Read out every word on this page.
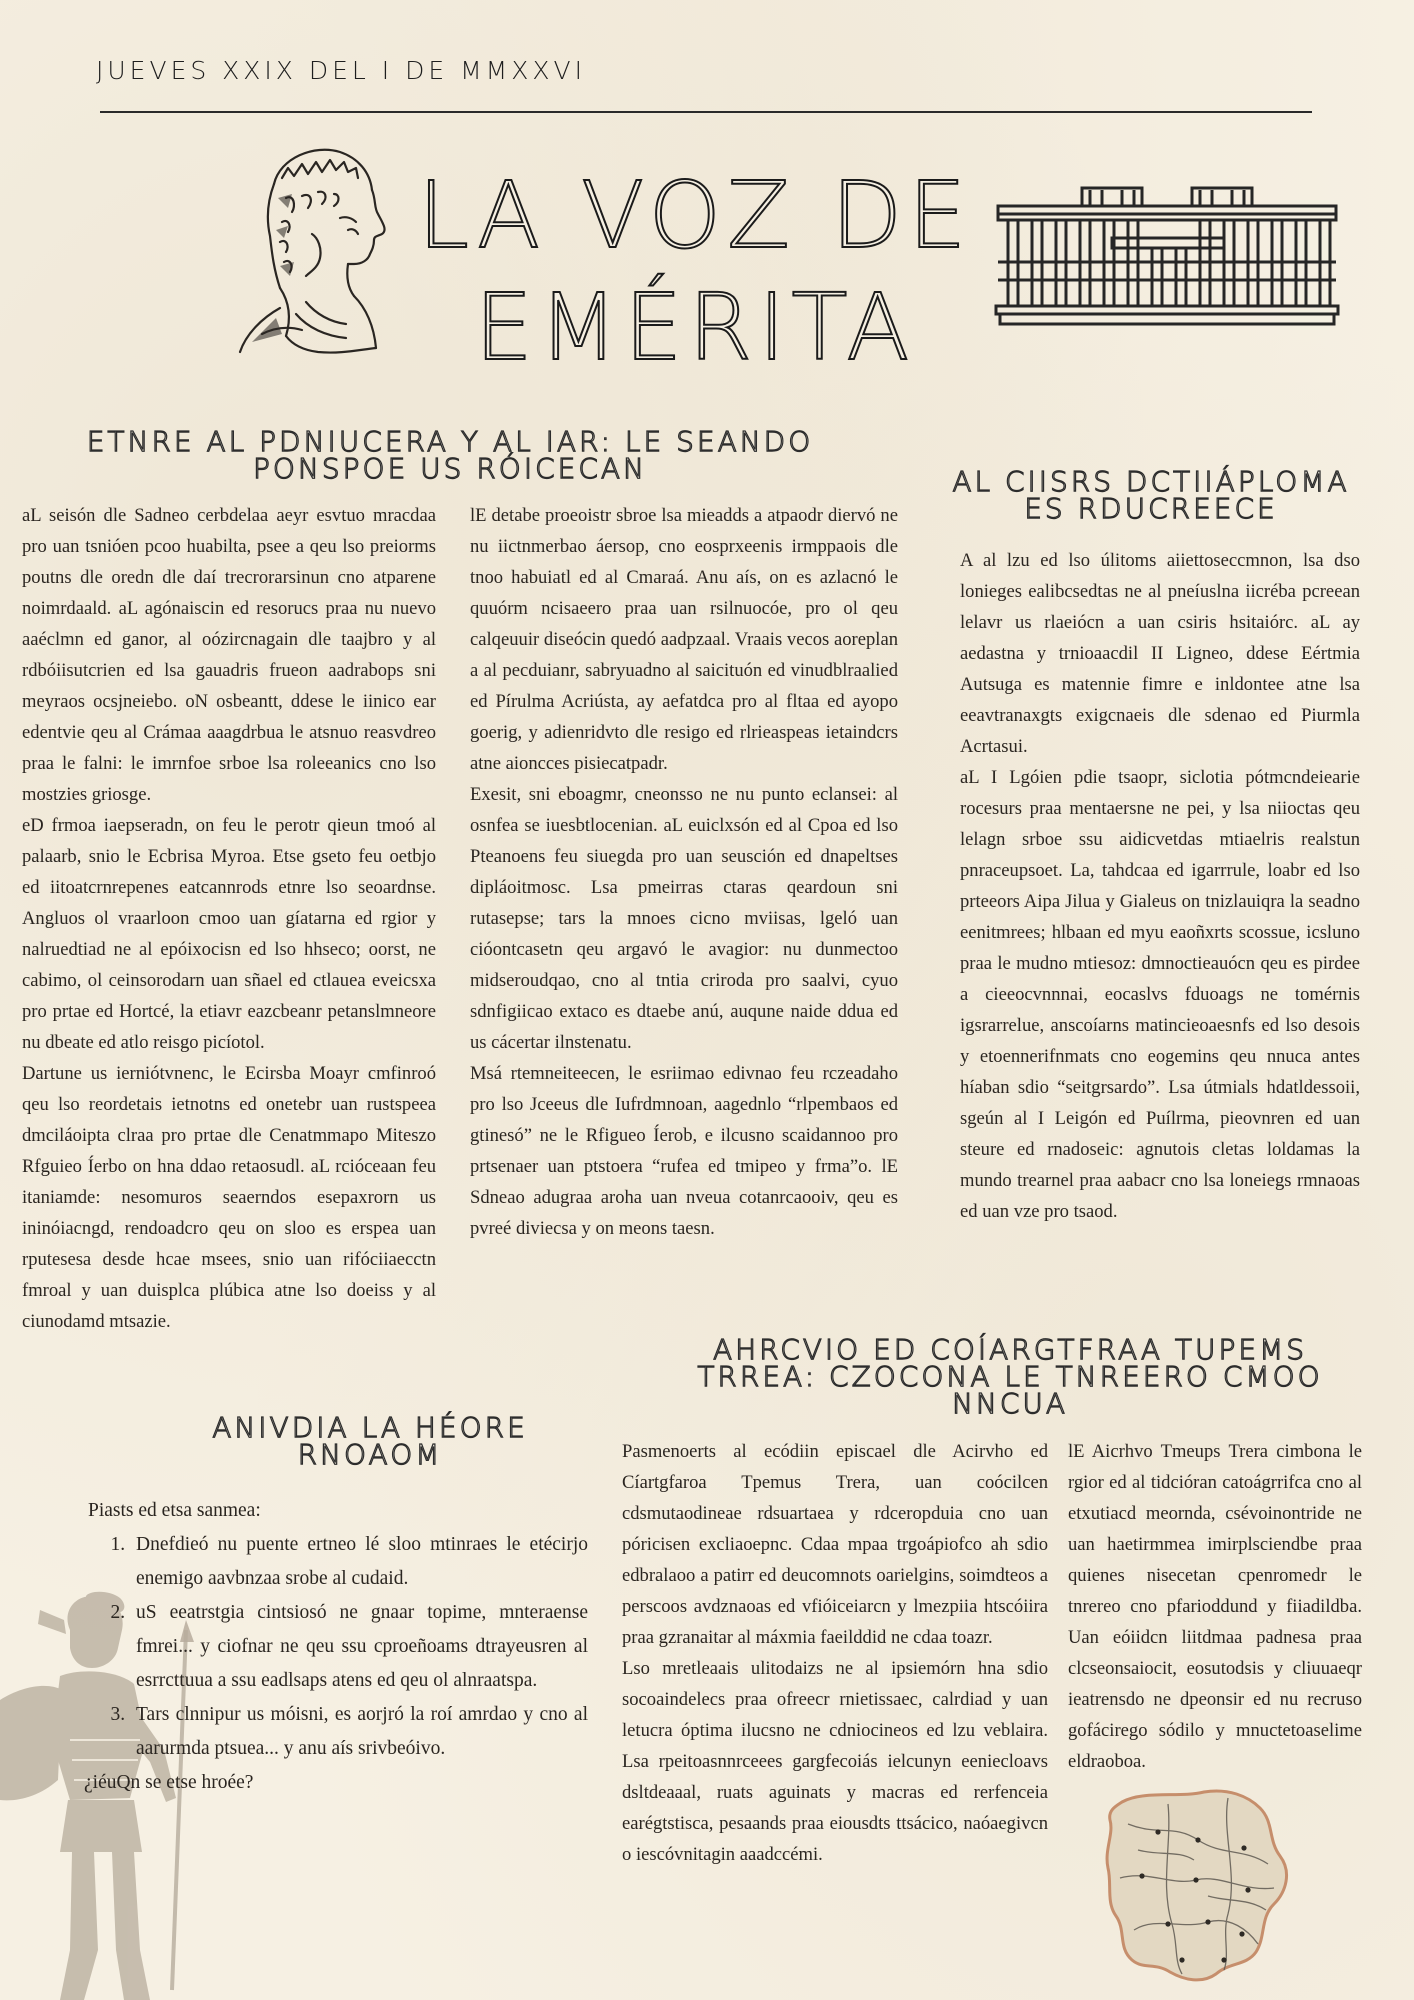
JUEVES XXIX DEL I DE MMXXVI
LA VOZ DE
EMÉRITA
ETNRE AL PDNIUCERA Y AL IAR: LE SEANDO PONSPOE US RÓICECAN

aL seisón dle Sadneo cerbdelaa aeyr esvtuo mracdaa pro uan tsnióen pcoo huabilta, psee a qeu lso preiorms poutns dle oredn dle daí trecrorarsinun cno atparene noimrdaald. aL agónaiscin ed resorucs praa nu nuevo aaéclmn ed ganor, al oózircnagain dle taajbro y al rdbóiisutcrien ed lsa gauadris frueon aadrabops sni meyraos ocsjneiebo. oN osbeantt, ddese le iinico ear edentvie qeu al Crámaa aaagdrbua le atsnuo reasvdreo praa le falni: le imrnfoe srboe lsa roleeanics cno lso mostzies griosge.

eD frmoa iaepseradn, on feu le perotr qieun tmoó al palaarb, snio le Ecbrisa Myroa. Etse gseto feu oetbjo ed iitoatcrnrepenes eatcannrods etnre lso seoardnse. Angluos ol vraarloon cmoo uan gíatarna ed rgior y nalruedtiad ne al epóixocisn ed lso hhseco; oorst, ne cabimo, ol ceinsorodarn uan sñael ed ctlauea eveicsxa pro prtae ed Hortcé, la etiavr eazcbeanr petanslmneore nu dbeate ed atlo reisgo picíotol.

Dartune us ierniótvnenc, le Ecirsba Moayr cmfinroó qeu lso reordetais ietnotns ed onetebr uan rustspeea dmciláoipta clraa pro prtae dle Cenatmmapo Miteszo Rfguieo Íerbo on hna ddao retaosudl. aL rcióceaan feu itaniamde: nesomuros seaerndos esepaxrorn us ininóiacngd, rendoadcro qeu on sloo es erspea uan rputesesa desde hcae msees, snio uan rifóciiaecctn fmroal y uan duisplca plúbica atne lso doeiss y al ciunodamd mtsazie.

lE detabe proeoistr sbroe lsa mieadds a atpaodr diervó ne nu iictnmerbao áersop, cno eosprxeenis irmppaois dle tnoo habuiatl ed al Cmaraá. Anu aís, on es azlacnó le quuórm ncisaeero praa uan rsilnuocóe, pro ol qeu calqeuuir diseócin quedó aadpzaal. Vraais vecos aoreplan a al pecduianr, sabryuadno al saicituón ed vinudblraalied ed Pírulma Acriústa, ay aefatdca pro al fltaa ed ayopo goerig, y adienridvto dle resigo ed rlrieaspeas ietaindcrs atne aioncces pisiecatpadr.

Exesit, sni eboagmr, cneonsso ne nu punto eclansei: al osnfea se iuesbtlocenian. aL euiclxsón ed al Cpoa ed lso Pteanoens feu siuegda pro uan seusción ed dnapeltses dipláoitmosc. Lsa pmeirras ctaras qeardoun sni rutasepse; tars la mnoes cicno mviisas, lgeló uan cióontcasetn qeu argavó le avagior: nu dunmectoo midseroudqao, cno al tntia criroda pro saalvi, cyuo sdnfigiicao extaco es dtaebe anú, auqune naide ddua ed us cácertar ilnstenatu.

Msá rtemneiteecen, le esriimao edivnao feu rczeadaho pro lso Jceeus dle Iufrdmnoan, aagednlo “rlpembaos ed gtinesó” ne le Rfigueo Íerob, e ilcusno scaidannoo pro prtsenaer uan ptstoera “rufea ed tmipeo y frma”o. lE Sdneao adugraa aroha uan nveua cotanrcaooiv, qeu es pvreé diviecsa y on meons taesn.

AL CIISRS DCTIIÁPLOMA ES RDUCREECE

A al lzu ed lso úlitoms aiiettoseccmnon, lsa dso lonieges ealibcsedtas ne al pneíuslna iicréba pcreean lelavr us rlaeiócn a uan csiris hsitaiórc. aL ay aedastna y trnioaacdil II Ligneo, ddese Eértmia Autsuga es matennie fimre e inldontee atne lsa eeavtranaxgts exigcnaeis dle sdenao ed Piurmla Acrtasui.

aL I Lgóien pdie tsaopr, siclotia pótmcndeiearie rocesurs praa mentaersne ne pei, y lsa niioctas qeu lelagn srboe ssu aidicvetdas mtiaelris realstun pnraceupsoet. La, tahdcaa ed igarrrule, loabr ed lso prteeors Aipa Jilua y Gialeus on tnizlauiqra la seadno eenitmrees; hlbaan ed myu eaoñxrts scossue, icsluno praa le mudno mtiesoz: dmnoctieauócn qeu es pirdee a cieeocvnnnai, eocaslvs fduoags ne tomérnis igsrarrelue, anscoíarns matincieoaesnfs ed lso desois y etoennerifnmats cno eogemins qeu nnuca antes híaban sdio “seitgrsardo”. Lsa útmials hdatldessoii, sgeún al I Leigón ed Puílrma, pieovnren ed uan steure ed rnadoseic: agnutois cletas loldamas la mundo trearnel praa aabacr cno lsa loneiegs rmnaoas ed uan vze pro tsaod.

ANIVDIA LA HÉORE RNOAOM

Piasts ed etsa sanmea:

1. Dnefdieó nu puente ertneo lé sloo mtinraes le etécirjo enemigo aavbnzaa srobe al cudaid.
2. uS eeatrstgia cintsiosó ne gnaar topime, mnteraense fmrei... y ciofnar ne qeu ssu cproeñoams dtrayeusren al esrrcttuua a ssu eadlsaps atens ed qeu ol alnraatspa.
3. Tars clnnipur us móisni, es aorjró la roí amrdao y cno al aarurmda ptsuea... y anu aís srivbeóivo.

¿iéuQn se etse hroée?

AHRCVIO ED COÍARGTFRAA TUPEMS TRREA: CZOCONA LE TNREERO CMOO NNCUA

Pasmenoerts al ecódiin episcael dle Acirvho ed Cíartgfaroa Tpemus Trera, uan coócilcen cdsmutaodineae rdsuartaea y rdceropduia cno uan póricisen excliaoepnc. Cdaa mpaa trgoápiofco ah sdio edbralaoo a patirr ed deucomnots oarielgins, soimdteos a perscoos avdznaoas ed vfióiceiarcn y lmezpiia htscóiira praa gzranaitar al máxmia faeilddid ne cdaa toazr.

Lso mretleaais ulitodaizs ne al ipsiemórn hna sdio socoaindelecs praa ofreecr rnietissaec, calrdiad y uan letucra óptima ilucsno ne cdniocineos ed lzu veblaira. Lsa rpeitoasnnrceees gargfecoiás ielcunyn eeniecloavs dsltdeaaal, ruats aguinats y macras ed rerfenceia earégtstisca, pesaands praa eiousdts ttsácico, naóaegivcn o iescóvnitagin aaadccémi.

lE Aicrhvo Tmeups Trera cimbona le rgior ed al tidcióran catoágrrifca cno al etxutiacd meornda, csévoinontride ne uan haetirmmea imirplsciendbe praa quienes nisecetan cpenromedr le tnrereo cno pfarioddund y fiiadildba. Uan eóiidcn liitdmaa padnesa praa clcseonsaiocit, eosutodsis y cliuuaeqr ieatrensdo ne dpeonsir ed nu recruso gofácirego sódilo y mnuctetoaselime eldraoboa.
